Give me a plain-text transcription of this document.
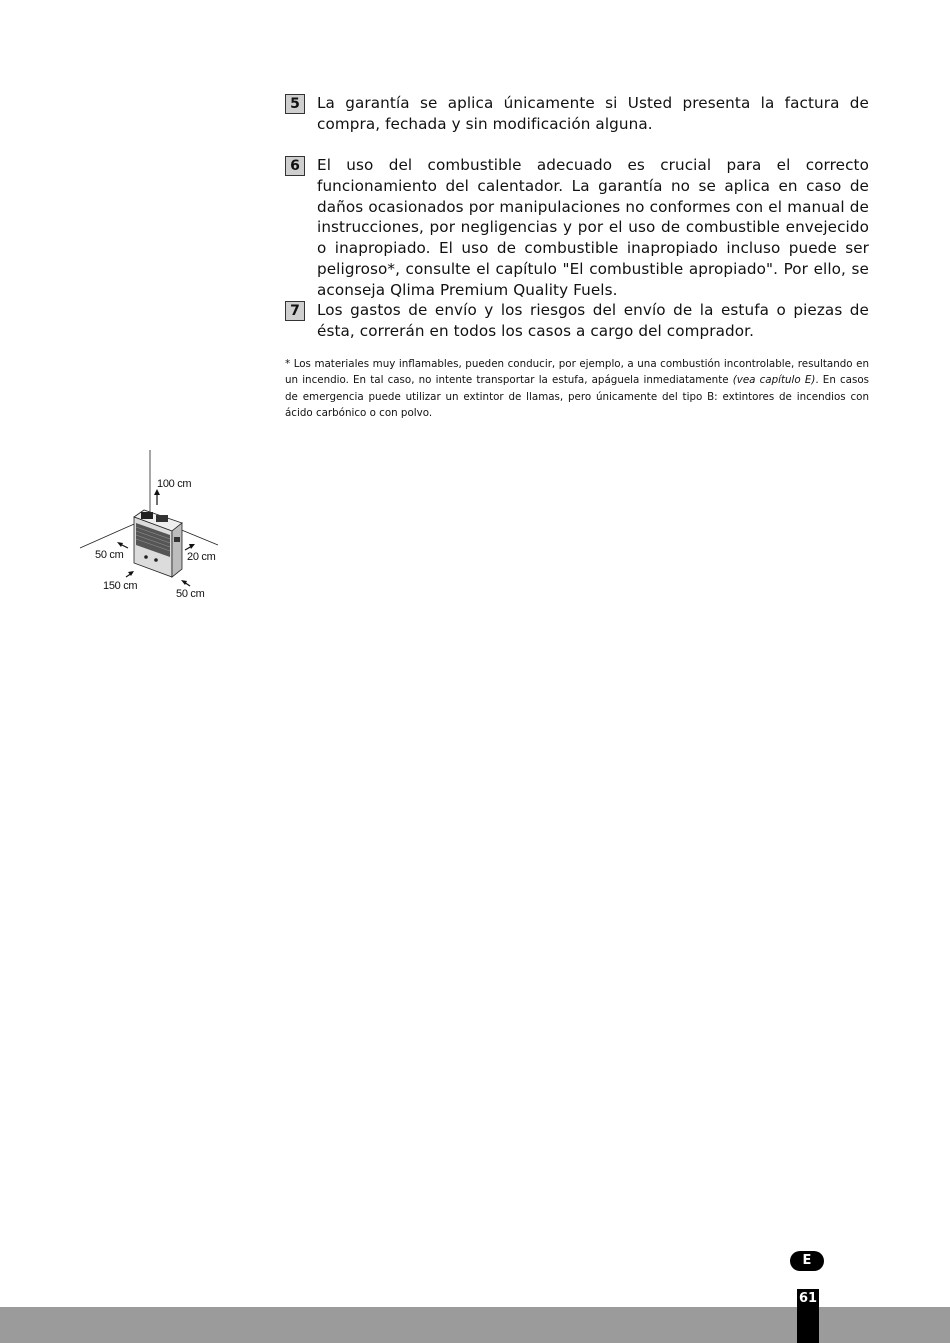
5	La garantía se aplica únicamente si Usted presenta la factura de compra, fechada y sin modificación alguna.
6	El uso del combustible adecuado es crucial para el correcto funcionamiento del calentador. La garantía no se aplica en caso de daños ocasionados por manipulaciones no conformes con el manual de instrucciones, por negligencias y por el uso de combustible envejecido o inapropiado. El uso de combustible inapropiado incluso puede ser peligroso*, consulte el capítulo "El combustible apropiado". Por ello, se aconseja Qlima Premium Quality Fuels.
7	Los gastos de envío y los riesgos del envío de la estufa o piezas de ésta, correrán en todos los casos a cargo del comprador.
* Los materiales muy inflamables, pueden conducir, por ejemplo, a una combustión incontrolable, resultando en un incendio. En tal caso, no intente transportar la estufa, apáguela inmediatamente (vea capítulo E). En casos de emergencia puede utilizar un extintor de llamas, pero únicamente del tipo B: extintores de incendios con ácido carbónico o con polvo.
100 cm
50 cm	20 cm
150 cm
50 cm
E
61
